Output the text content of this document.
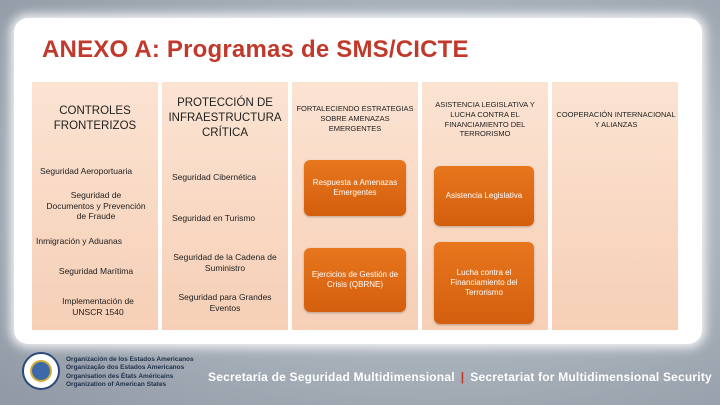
ANEXO A: Programas de SMS/CICTE
CONTROLES FRONTERIZOS
Seguridad Aeroportuaria
Seguridad de Documentos y Prevención de Fraude
Inmigración y Aduanas
Seguridad Marítima
Implementación de UNSCR 1540
PROTECCIÓN DE INFRAESTRUCTURA CRÍTICA
Seguridad Cibernética
Seguridad en Turismo
Seguridad de la Cadena de Suministro
Seguridad para Grandes Eventos
FORTALECIENDO ESTRATEGIAS SOBRE AMENAZAS EMERGENTES
Respuesta a Amenazas Emergentes
Ejercicios de Gestión de Crisis (QBRNE)
ASISTENCIA LEGISLATIVA Y LUCHA CONTRA EL FINANCIAMIENTO DEL TERRORISMO
Asistencia Legislativa
Lucha contra el Financiamiento del Terrorismo
COOPERACIÓN INTERNACIONAL Y ALIANZAS
Organización de los Estados Americanos
Organização dos Estados Americanos
Organisation des États Américains
Organization of American States
Secretaría de Seguridad Multidimensional | Secretariat for Multidimensional Security
